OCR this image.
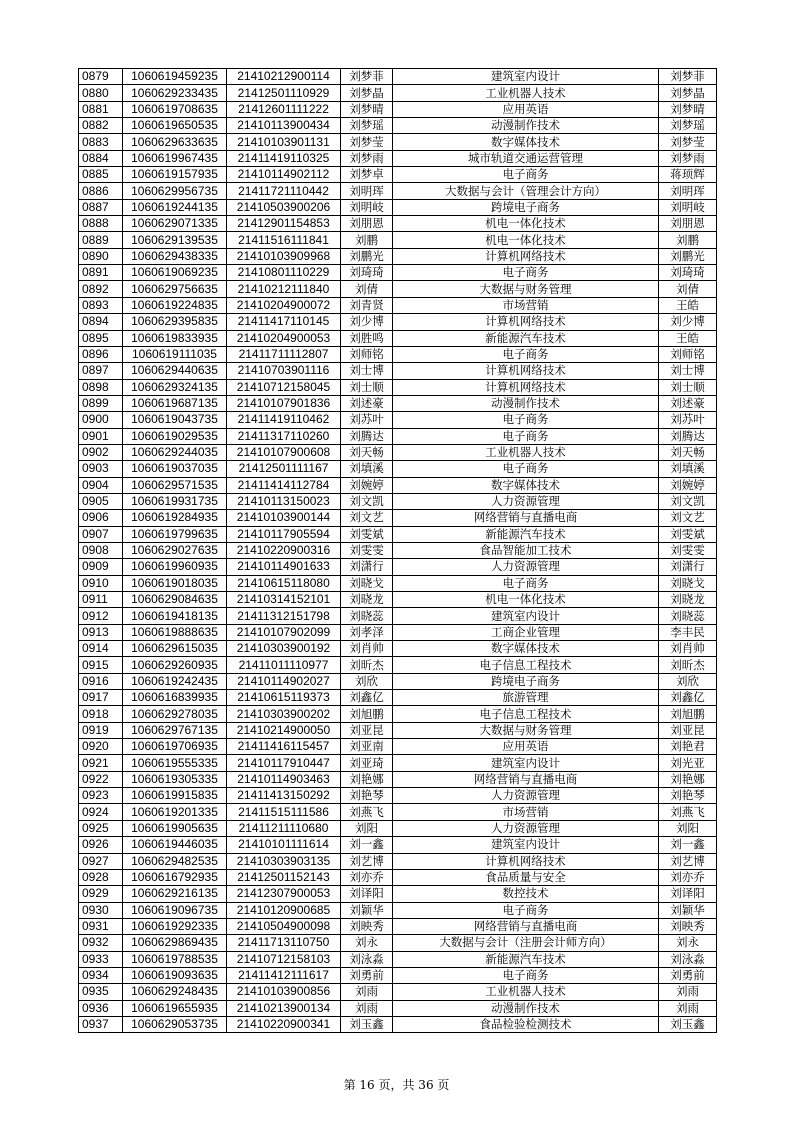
0879	1060619459235	21410212900114	刘梦菲	建筑室内设计	刘梦菲
0880	1060629233435	21412501110929	刘梦晶	工业机器人技术	刘梦晶
0881	1060619708635	21412601111222	刘梦晴	应用英语	刘梦晴
0882	1060619650535	21410113900434	刘梦瑶	动漫制作技术	刘梦瑶
0883	1060629633635	21410103901131	刘梦莹	数字媒体技术	刘梦莹
0884	1060619967435	21411419110325	刘梦雨	城市轨道交通运营管理	刘梦雨
0885	1060619157935	21410114902112	刘梦卓	电子商务	蒋顼辉
0886	1060629956735	21411721110442	刘明珲	大数据与会计（管理会计方向）	刘明珲
0887	1060619244135	21410503900206	刘明岐	跨境电子商务	刘明岐
0888	1060629071335	21412901154853	刘朋恩	机电一体化技术	刘朋恩
0889	1060629139535	21411516111841	刘鹏	机电一体化技术	刘鹏
0890	1060629438335	21410103909968	刘鹏光	计算机网络技术	刘鹏光
0891	1060619069235	21410801110229	刘琦琦	电子商务	刘琦琦
0892	1060629756635	21410212111840	刘倩	大数据与财务管理	刘倩
0893	1060619224835	21410204900072	刘青贤	市场营销	王皓
0894	1060629395835	21411417110145	刘少博	计算机网络技术	刘少博
0895	1060619833935	21410204900053	刘胜鸣	新能源汽车技术	王皓
0896	1060619111035	21411711112807	刘师铭	电子商务	刘师铭
0897	1060629440635	21410703901116	刘士博	计算机网络技术	刘士博
0898	1060629324135	21410712158045	刘士顺	计算机网络技术	刘士顺
0899	1060619687135	21410107901836	刘述豪	动漫制作技术	刘述豪
0900	1060619043735	21411419110462	刘苏叶	电子商务	刘苏叶
0901	1060619029535	21411317110260	刘腾达	电子商务	刘腾达
0902	1060629244035	21410107900608	刘天畅	工业机器人技术	刘天畅
0903	1060619037035	21412501111167	刘填溪	电子商务	刘填溪
0904	1060629571535	21411414112784	刘婉婷	数字媒体技术	刘婉婷
0905	1060619931735	21410113150023	刘文凯	人力资源管理	刘文凯
0906	1060619284935	21410103900144	刘文艺	网络营销与直播电商	刘文艺
0907	1060619799635	21410117905594	刘雯斌	新能源汽车技术	刘雯斌
0908	1060629027635	21410220900316	刘雯雯	食品智能加工技术	刘雯雯
0909	1060619960935	21410114901633	刘潇行	人力资源管理	刘潇行
0910	1060619018035	21410615118080	刘晓戈	电子商务	刘晓戈
0911	1060629084635	21410314152101	刘晓龙	机电一体化技术	刘晓龙
0912	1060619418135	21411312151798	刘晓蕊	建筑室内设计	刘晓蕊
0913	1060619888635	21410107902099	刘孝泽	工商企业管理	李丰民
0914	1060629615035	21410303900192	刘肖帅	数字媒体技术	刘肖帅
0915	1060629260935	21411011110977	刘昕杰	电子信息工程技术	刘昕杰
0916	1060619242435	21410114902027	刘欣	跨境电子商务	刘欣
0917	1060616839935	21410615119373	刘鑫亿	旅游管理	刘鑫亿
0918	1060629278035	21410303900202	刘旭鹏	电子信息工程技术	刘旭鹏
0919	1060629767135	21410214900050	刘亚昆	大数据与财务管理	刘亚昆
0920	1060619706935	21411416115457	刘亚南	应用英语	刘艳君
0921	1060619555335	21410117910447	刘亚琦	建筑室内设计	刘光亚
0922	1060619305335	21410114903463	刘艳娜	网络营销与直播电商	刘艳娜
0923	1060619915835	21411413150292	刘艳琴	人力资源管理	刘艳琴
0924	1060619201335	21411515111586	刘燕飞	市场营销	刘燕飞
0925	1060619905635	21411211110680	刘阳	人力资源管理	刘阳
0926	1060619446035	21410101111614	刘一鑫	建筑室内设计	刘一鑫
0927	1060629482535	21410303903135	刘艺博	计算机网络技术	刘艺博
0928	1060616792935	21412501152143	刘亦乔	食品质量与安全	刘亦乔
0929	1060629216135	21412307900053	刘译阳	数控技术	刘译阳
0930	1060619096735	21410120900685	刘颖华	电子商务	刘颖华
0931	1060619292335	21410504900098	刘映秀	网络营销与直播电商	刘映秀
0932	1060629869435	21411713110750	刘永	大数据与会计（注册会计师方向）	刘永
0933	1060619788535	21410712158103	刘泳淼	新能源汽车技术	刘泳淼
0934	1060619093635	21411412111617	刘勇前	电子商务	刘勇前
0935	1060629248435	21410103900856	刘雨	工业机器人技术	刘雨
0936	1060619655935	21410213900134	刘雨	动漫制作技术	刘雨
0937	1060629053735	21410220900341	刘玉鑫	食品检验检测技术	刘玉鑫
第 16 页，共 36 页
